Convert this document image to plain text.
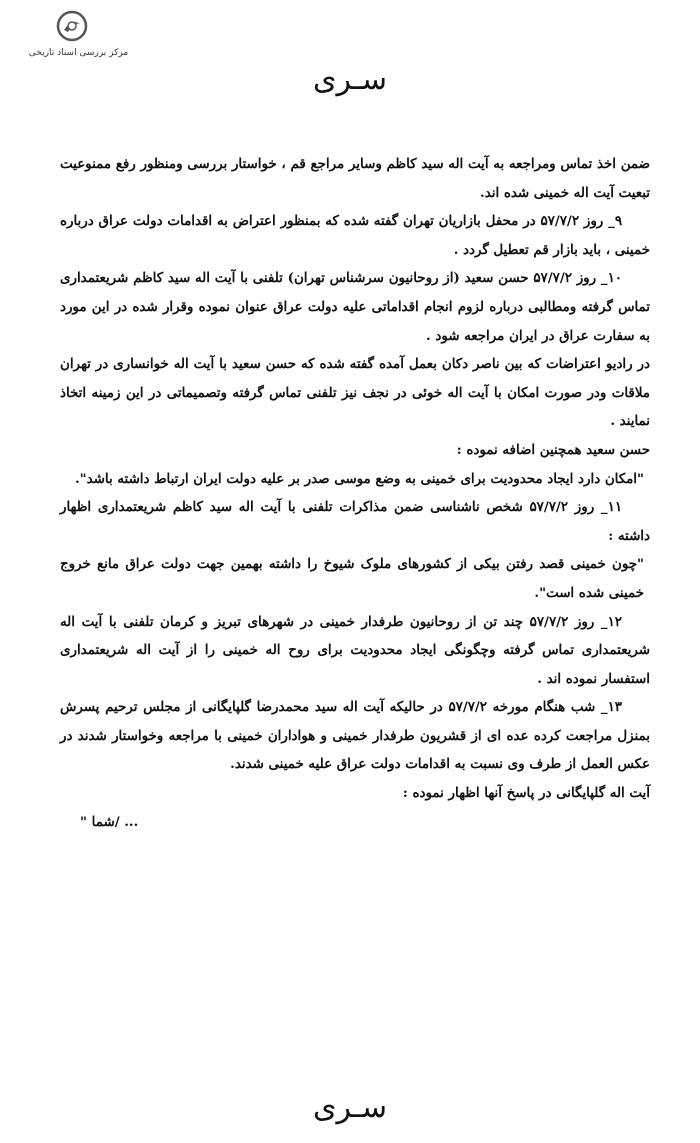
مرکز بررسی اسناد تاریخی
سـری

ضمن اخذ تماس ومراجعه به آیت اله سید کاظم وسایر مراجع قم ، خواستار بررسی ومنظور رفع ممنوعیت تبعیت آیت اله خمینی شده اند.

۹_ روز ۵۷/۷/۲ در محفل بازاریان تهران گفته شده که بمنظور اعتراض به اقدامات دولت عراق درباره خمینی ، باید بازار قم تعطیل گردد .

۱۰_ روز ۵۷/۷/۲ حسن سعید (از روحانیون سرشناس تهران) تلفنی با آیت اله سید کاظم شریعتمداری تماس گرفته ومطالبی درباره لزوم انجام اقداماتی علیه دولت عراق عنوان نموده وقرار شده در این مورد به سفارت عراق در ایران مراجعه شود .

در رادیو اعتراضات که بین ناصر دکان بعمل آمده گفته شده که حسن سعید با آیت اله خوانساری در تهران ملاقات ودر صورت امکان با آیت اله خوئی در نجف نیز تلفنی تماس گرفته وتصمیماتی در این زمینه اتخاذ نمایند .

حسن سعید همچنین اضافه نموده :

"امکان دارد ایجاد محدودیت برای خمینی به وضع موسی صدر بر علیه دولت ایران ارتباط داشته باشد".

۱۱_ روز ۵۷/۷/۲ شخص ناشناسی ضمن مذاکرات تلفنی با آیت اله سید کاظم شریعتمداری اظهار داشته :

"چون خمینی قصد رفتن بیکی از کشورهای ملوک شیوخ را داشته بهمین جهت دولت عراق مانع خروج خمینی شده است".

۱۲_ روز ۵۷/۷/۲ چند تن از روحانیون طرفدار خمینی در شهرهای تبریز و کرمان تلفنی با آیت اله شریعتمداری تماس گرفته وچگونگی ایجاد محدودیت برای روح اله خمینی را از آیت اله شریعتمداری استفسار نموده اند .

۱۳_ شب هنگام مورخه ۵۷/۷/۲ در حالیکه آیت اله سید محمدرضا گلپایگانی از مجلس ترحیم پسرش بمنزل مراجعت کرده عده ای از قشریون طرفدار خمینی و هواداران خمینی با مراجعه وخواستار شدند در عکس العمل از طرف وی نسبت به اقدامات دولت عراق علیه خمینی شدند.

آیت اله گلپایگانی در پاسخ آنها اظهار نموده :

" شما/ ...

سـری
